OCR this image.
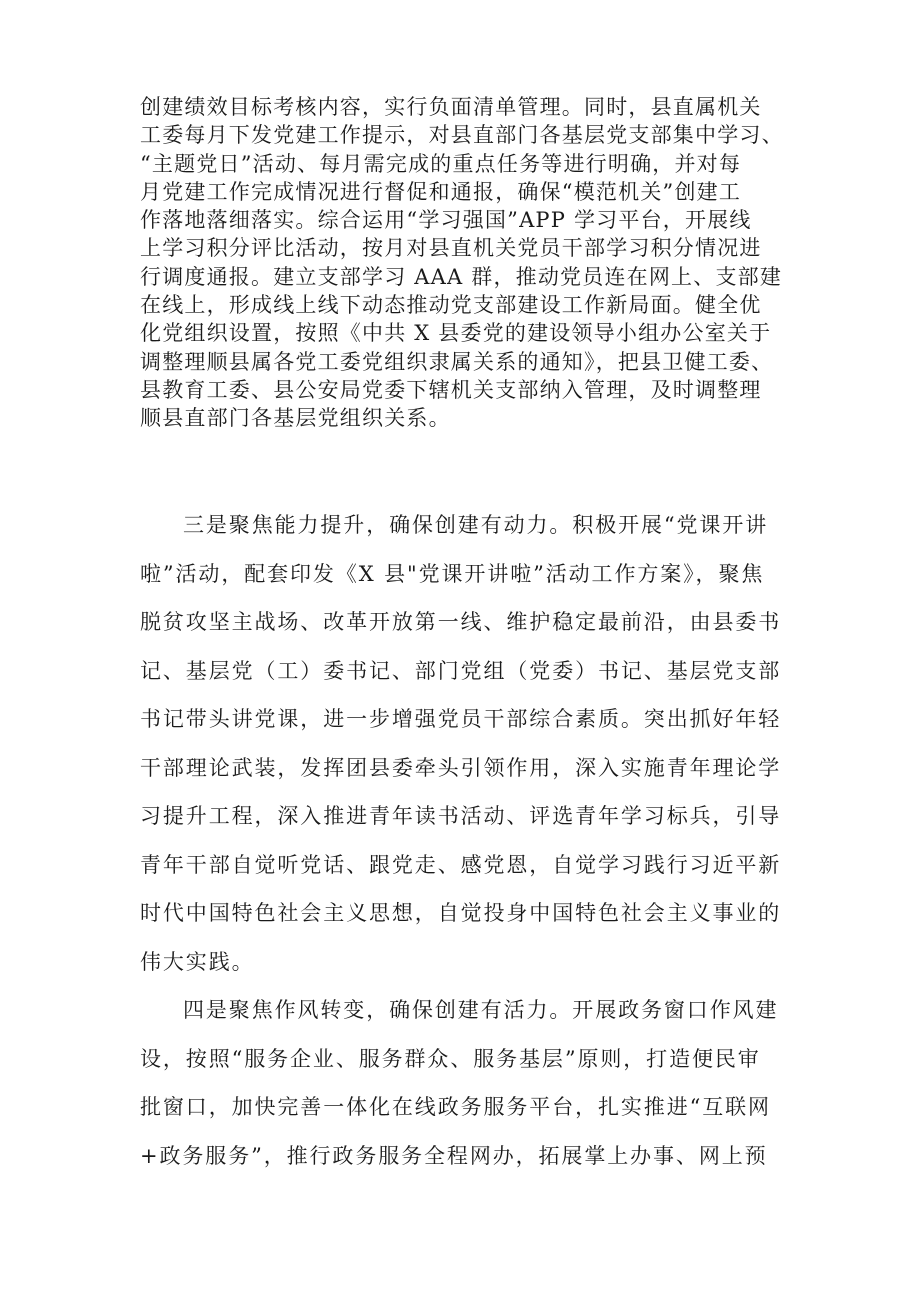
创建绩效目标考核内容，实行负面清单管理。同时，县直属机关
工委每月下发党建工作提示，对县直部门各基层党支部集中学习、
“主题党日”活动、每月需完成的重点任务等进行明确，并对每
月党建工作完成情况进行督促和通报，确保“模范机关”创建工
作落地落细落实。综合运用“学习强国”APP 学习平台，开展线
上学习积分评比活动，按月对县直机关党员干部学习积分情况进
行调度通报。建立支部学习 AAA 群，推动党员连在网上、支部建
在线上，形成线上线下动态推动党支部建设工作新局面。健全优
化党组织设置，按照《中共 X 县委党的建设领导小组办公室关于
调整理顺县属各党工委党组织隶属关系的通知》，把县卫健工委、
县教育工委、县公安局党委下辖机关支部纳入管理，及时调整理
顺县直部门各基层党组织关系。
三是聚焦能力提升，确保创建有动力。积极开展“党课开讲
啦”活动，配套印发《X 县"党课开讲啦”活动工作方案》，聚焦
脱贫攻坚主战场、改革开放第一线、维护稳定最前沿，由县委书
记、基层党（工）委书记、部门党组（党委）书记、基层党支部
书记带头讲党课，进一步增强党员干部综合素质。突出抓好年轻
干部理论武装，发挥团县委牵头引领作用，深入实施青年理论学
习提升工程，深入推进青年读书活动、评选青年学习标兵，引导
青年干部自觉听党话、跟党走、感党恩，自觉学习践行习近平新
时代中国特色社会主义思想，自觉投身中国特色社会主义事业的
伟大实践。
四是聚焦作风转变，确保创建有活力。开展政务窗口作风建
设，按照“服务企业、服务群众、服务基层”原则，打造便民审
批窗口，加快完善一体化在线政务服务平台，扎实推进“互联网
+政务服务”，推行政务服务全程网办，拓展掌上办事、网上预
